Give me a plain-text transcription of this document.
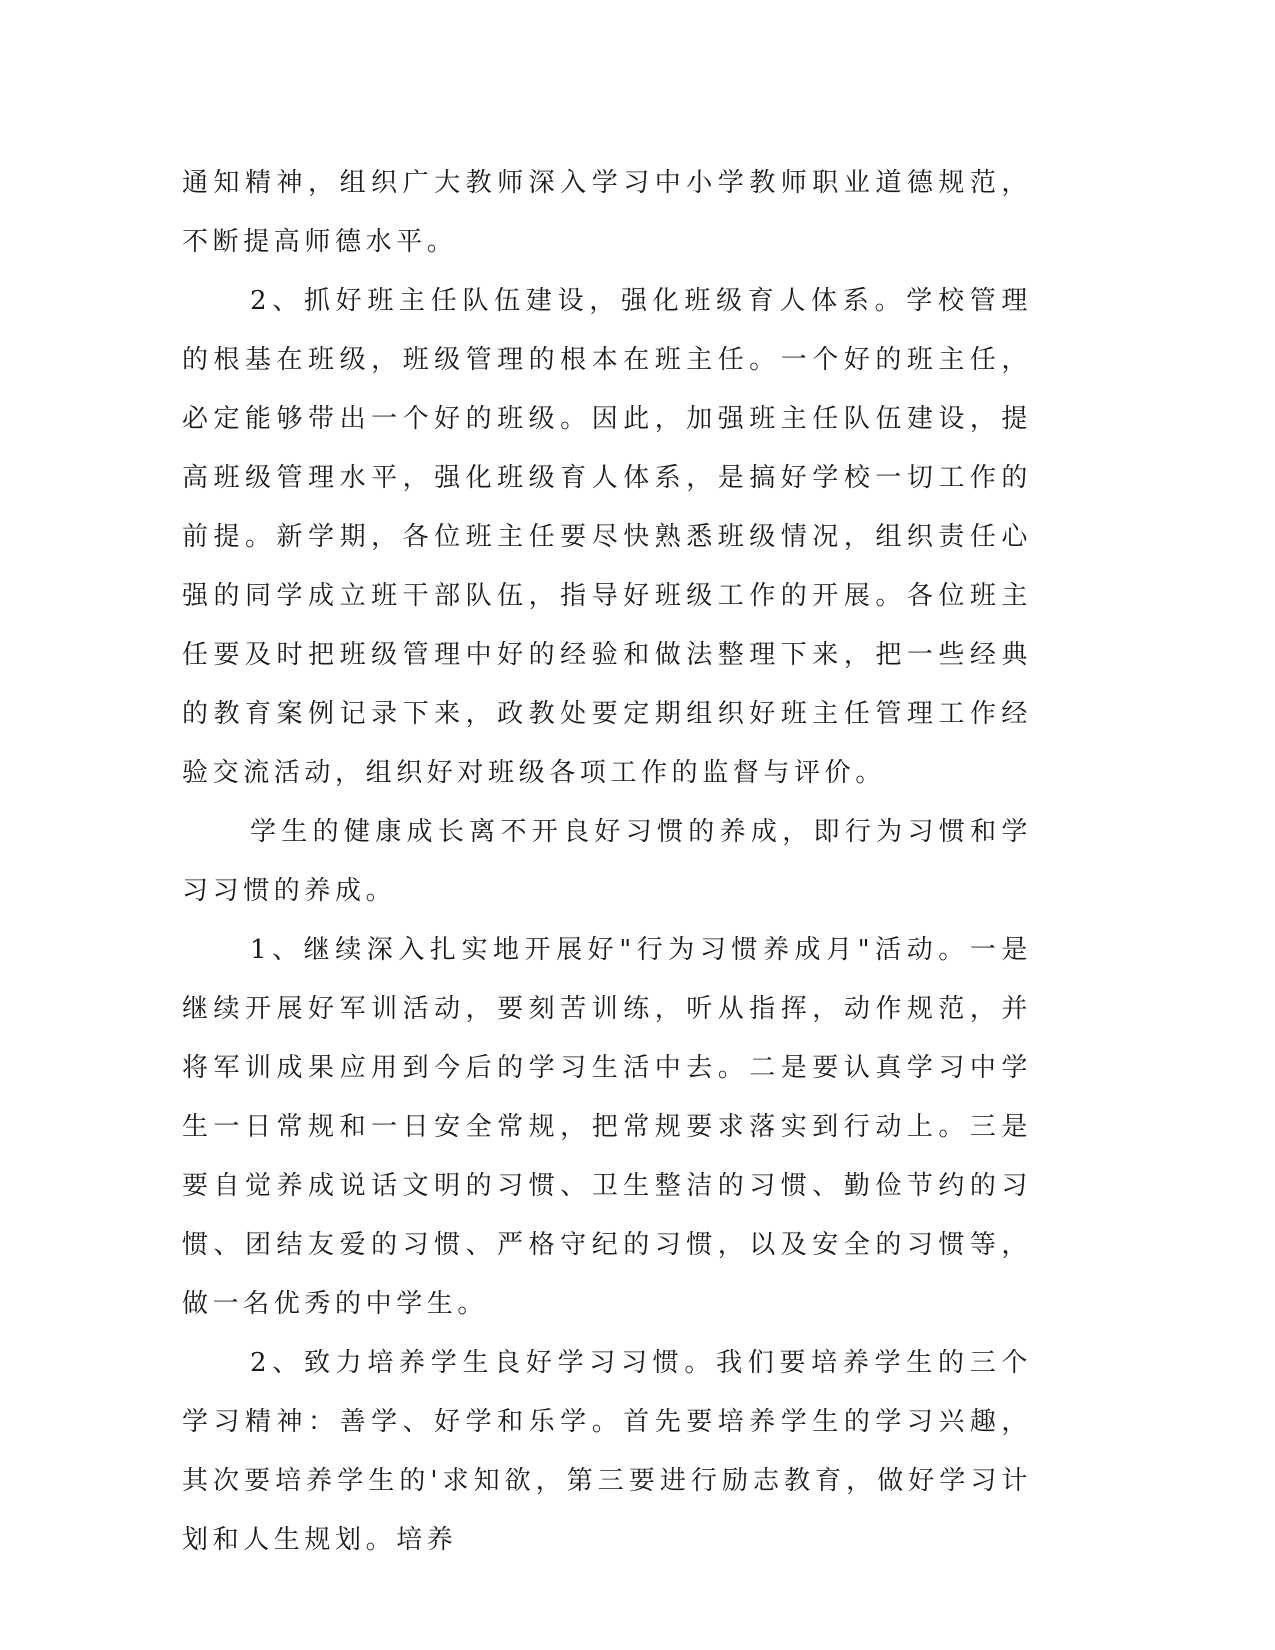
通知精神，组织广大教师深入学习中小学教师职业道德规范，不断提高师德水平。

2、抓好班主任队伍建设，强化班级育人体系。学校管理的根基在班级，班级管理的根本在班主任。一个好的班主任，必定能够带出一个好的班级。因此，加强班主任队伍建设，提高班级管理水平，强化班级育人体系，是搞好学校一切工作的前提。新学期，各位班主任要尽快熟悉班级情况，组织责任心强的同学成立班干部队伍，指导好班级工作的开展。各位班主任要及时把班级管理中好的经验和做法整理下来，把一些经典的教育案例记录下来，政教处要定期组织好班主任管理工作经验交流活动，组织好对班级各项工作的监督与评价。

学生的健康成长离不开良好习惯的养成，即行为习惯和学习习惯的养成。

1、继续深入扎实地开展好"行为习惯养成月"活动。一是继续开展好军训活动，要刻苦训练，听从指挥，动作规范，并将军训成果应用到今后的学习生活中去。二是要认真学习中学生一日常规和一日安全常规，把常规要求落实到行动上。三是要自觉养成说话文明的习惯、卫生整洁的习惯、勤俭节约的习惯、团结友爱的习惯、严格守纪的习惯，以及安全的习惯等，做一名优秀的中学生。

2、致力培养学生良好学习习惯。我们要培养学生的三个学习精神：善学、好学和乐学。首先要培养学生的学习兴趣，其次要培养学生的'求知欲，第三要进行励志教育，做好学习计划和人生规划。培养
